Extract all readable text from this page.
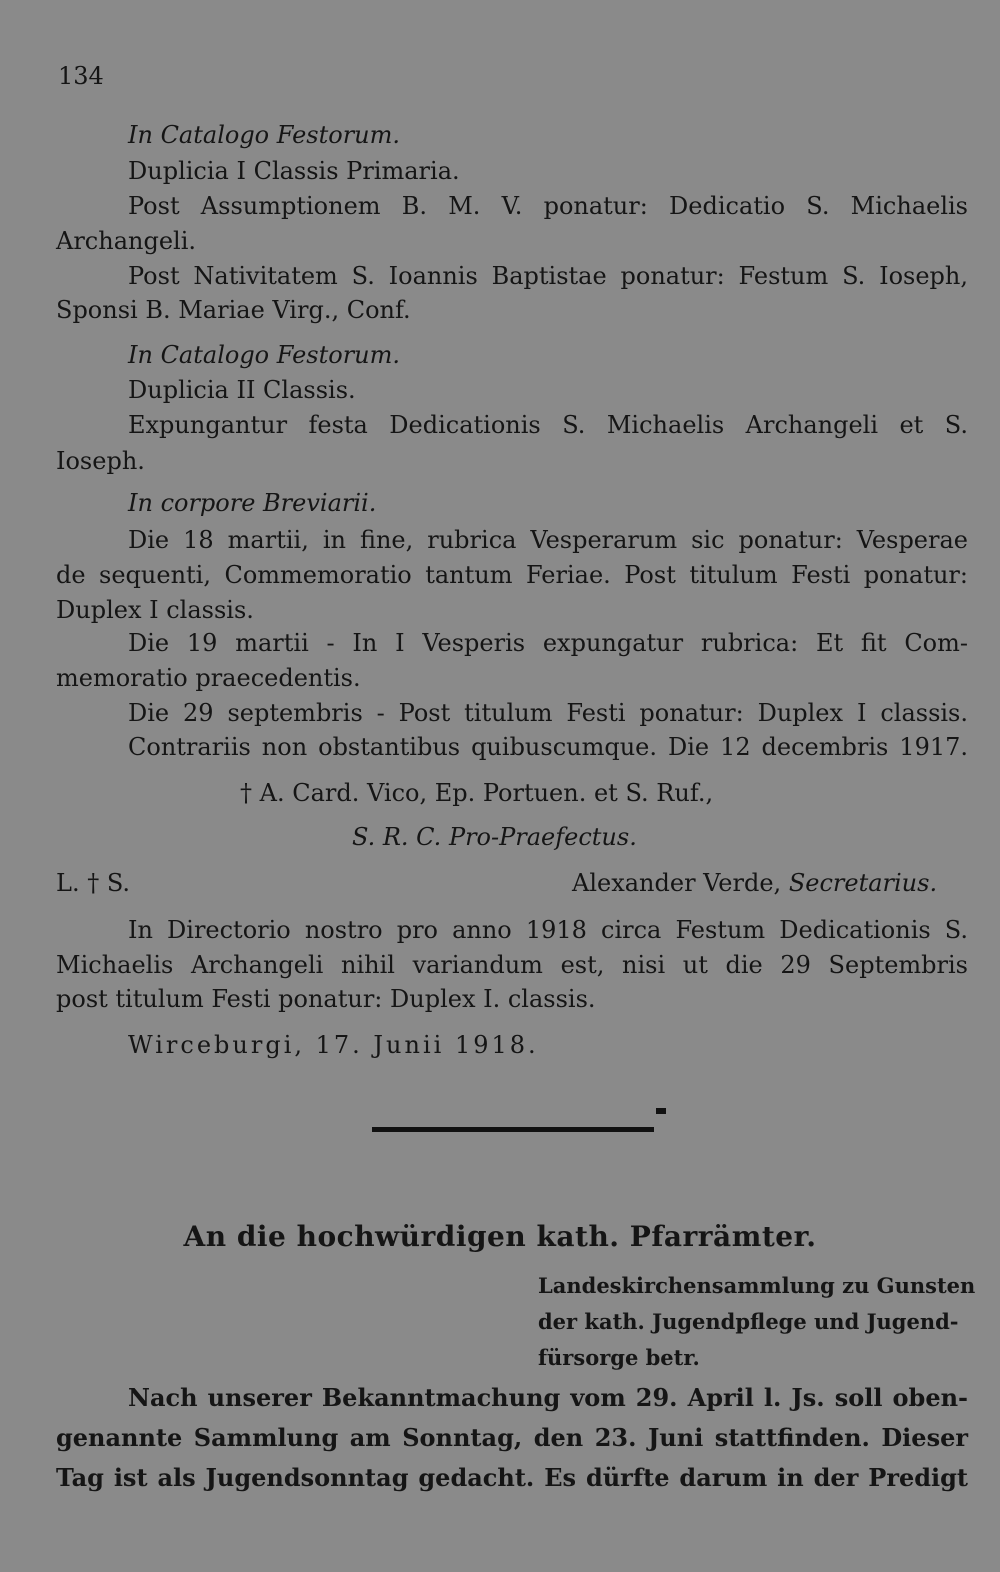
134
In Catalogo Festorum.
Duplicia I Classis Primaria.
Post Assumptionem B. M. V. ponatur: Dedicatio S. Michaelis
Archangeli.
Post Nativitatem S. Ioannis Baptistae ponatur: Festum S. Ioseph,
Sponsi B. Mariae Virg., Conf.
In Catalogo Festorum.
Duplicia II Classis.
Expungantur festa Dedicationis S. Michaelis Archangeli et S.
Ioseph.
In corpore Breviarii.
Die 18 martii, in fine, rubrica Vesperarum sic ponatur: Vesperae
de sequenti, Commemoratio tantum Feriae. Post titulum Festi ponatur:
Duplex I classis.
Die 19 martii - In I Vesperis expungatur rubrica: Et fit Com-
memoratio praecedentis.
Die 29 septembris - Post titulum Festi ponatur: Duplex I classis.
Contrariis non obstantibus quibuscumque. Die 12 decembris 1917.
† A. Card. Vico, Ep. Portuen. et S. Ruf.,
S. R. C. Pro-Praefectus.
L. † S.	Alexander Verde, Secretarius.
In Directorio nostro pro anno 1918 circa Festum Dedicationis S.
Michaelis Archangeli nihil variandum est, nisi ut die 29 Septembris
post titulum Festi ponatur: Duplex I. classis.
Wirceburgi, 17. Junii 1918.
An die hochwürdigen kath. Pfarrämter.
Landeskirchensammlung zu Gunsten
der kath. Jugendpflege und Jugend-
fürsorge betr.
Nach unserer Bekanntmachung vom 29. April l. Js. soll oben-
genannte Sammlung am Sonntag, den 23. Juni stattfinden. Dieser
Tag ist als Jugendsonntag gedacht. Es dürfte darum in der Predigt
